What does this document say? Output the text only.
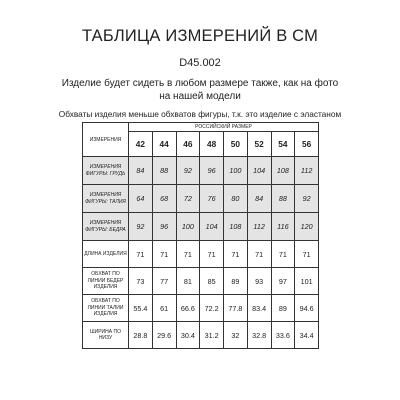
ТАБЛИЦА ИЗМЕРЕНИЙ В СМ
D45.002
Изделие будет сидеть в любом размере также, как на фото на нашей модели
Обхваты изделия меньше обхватов фигуры, т.к. это изделие с эластаном
ИЗМЕРЕНИЯ	РОССИЙСКИЙ РАЗМЕР							
	42	44	46	48	50	52	54	56
ИЗМЕРЕНИЯ ФИГУРЫ: ГРУДЬ	84	88	92	96	100	104	108	112
ИЗМЕРЕНИЯ ФИГУРЫ: ТАЛИЯ	64	68	72	76	80	84	88	92
ИЗМЕРЕНИЯ ФИГУРЫ: БЕДРА	92	96	100	104	108	112	116	120
ДЛИНА ИЗДЕЛИЯ	71	71	71	71	71	71	71	71
ОБХВАТ ПО ЛИНИИ БЕДЕР ИЗДЕЛИЯ	73	77	81	85	89	93	97	101
ОБХВАТ ПО ЛИНИИ ТАЛИИ ИЗДЕЛИЯ	55.4	61	66.6	72.2	77.8	83.4	89	94.6
ШИРИНА ПО НИЗУ	28.8	29.6	30.4	31.2	32	32.8	33.6	34.4
